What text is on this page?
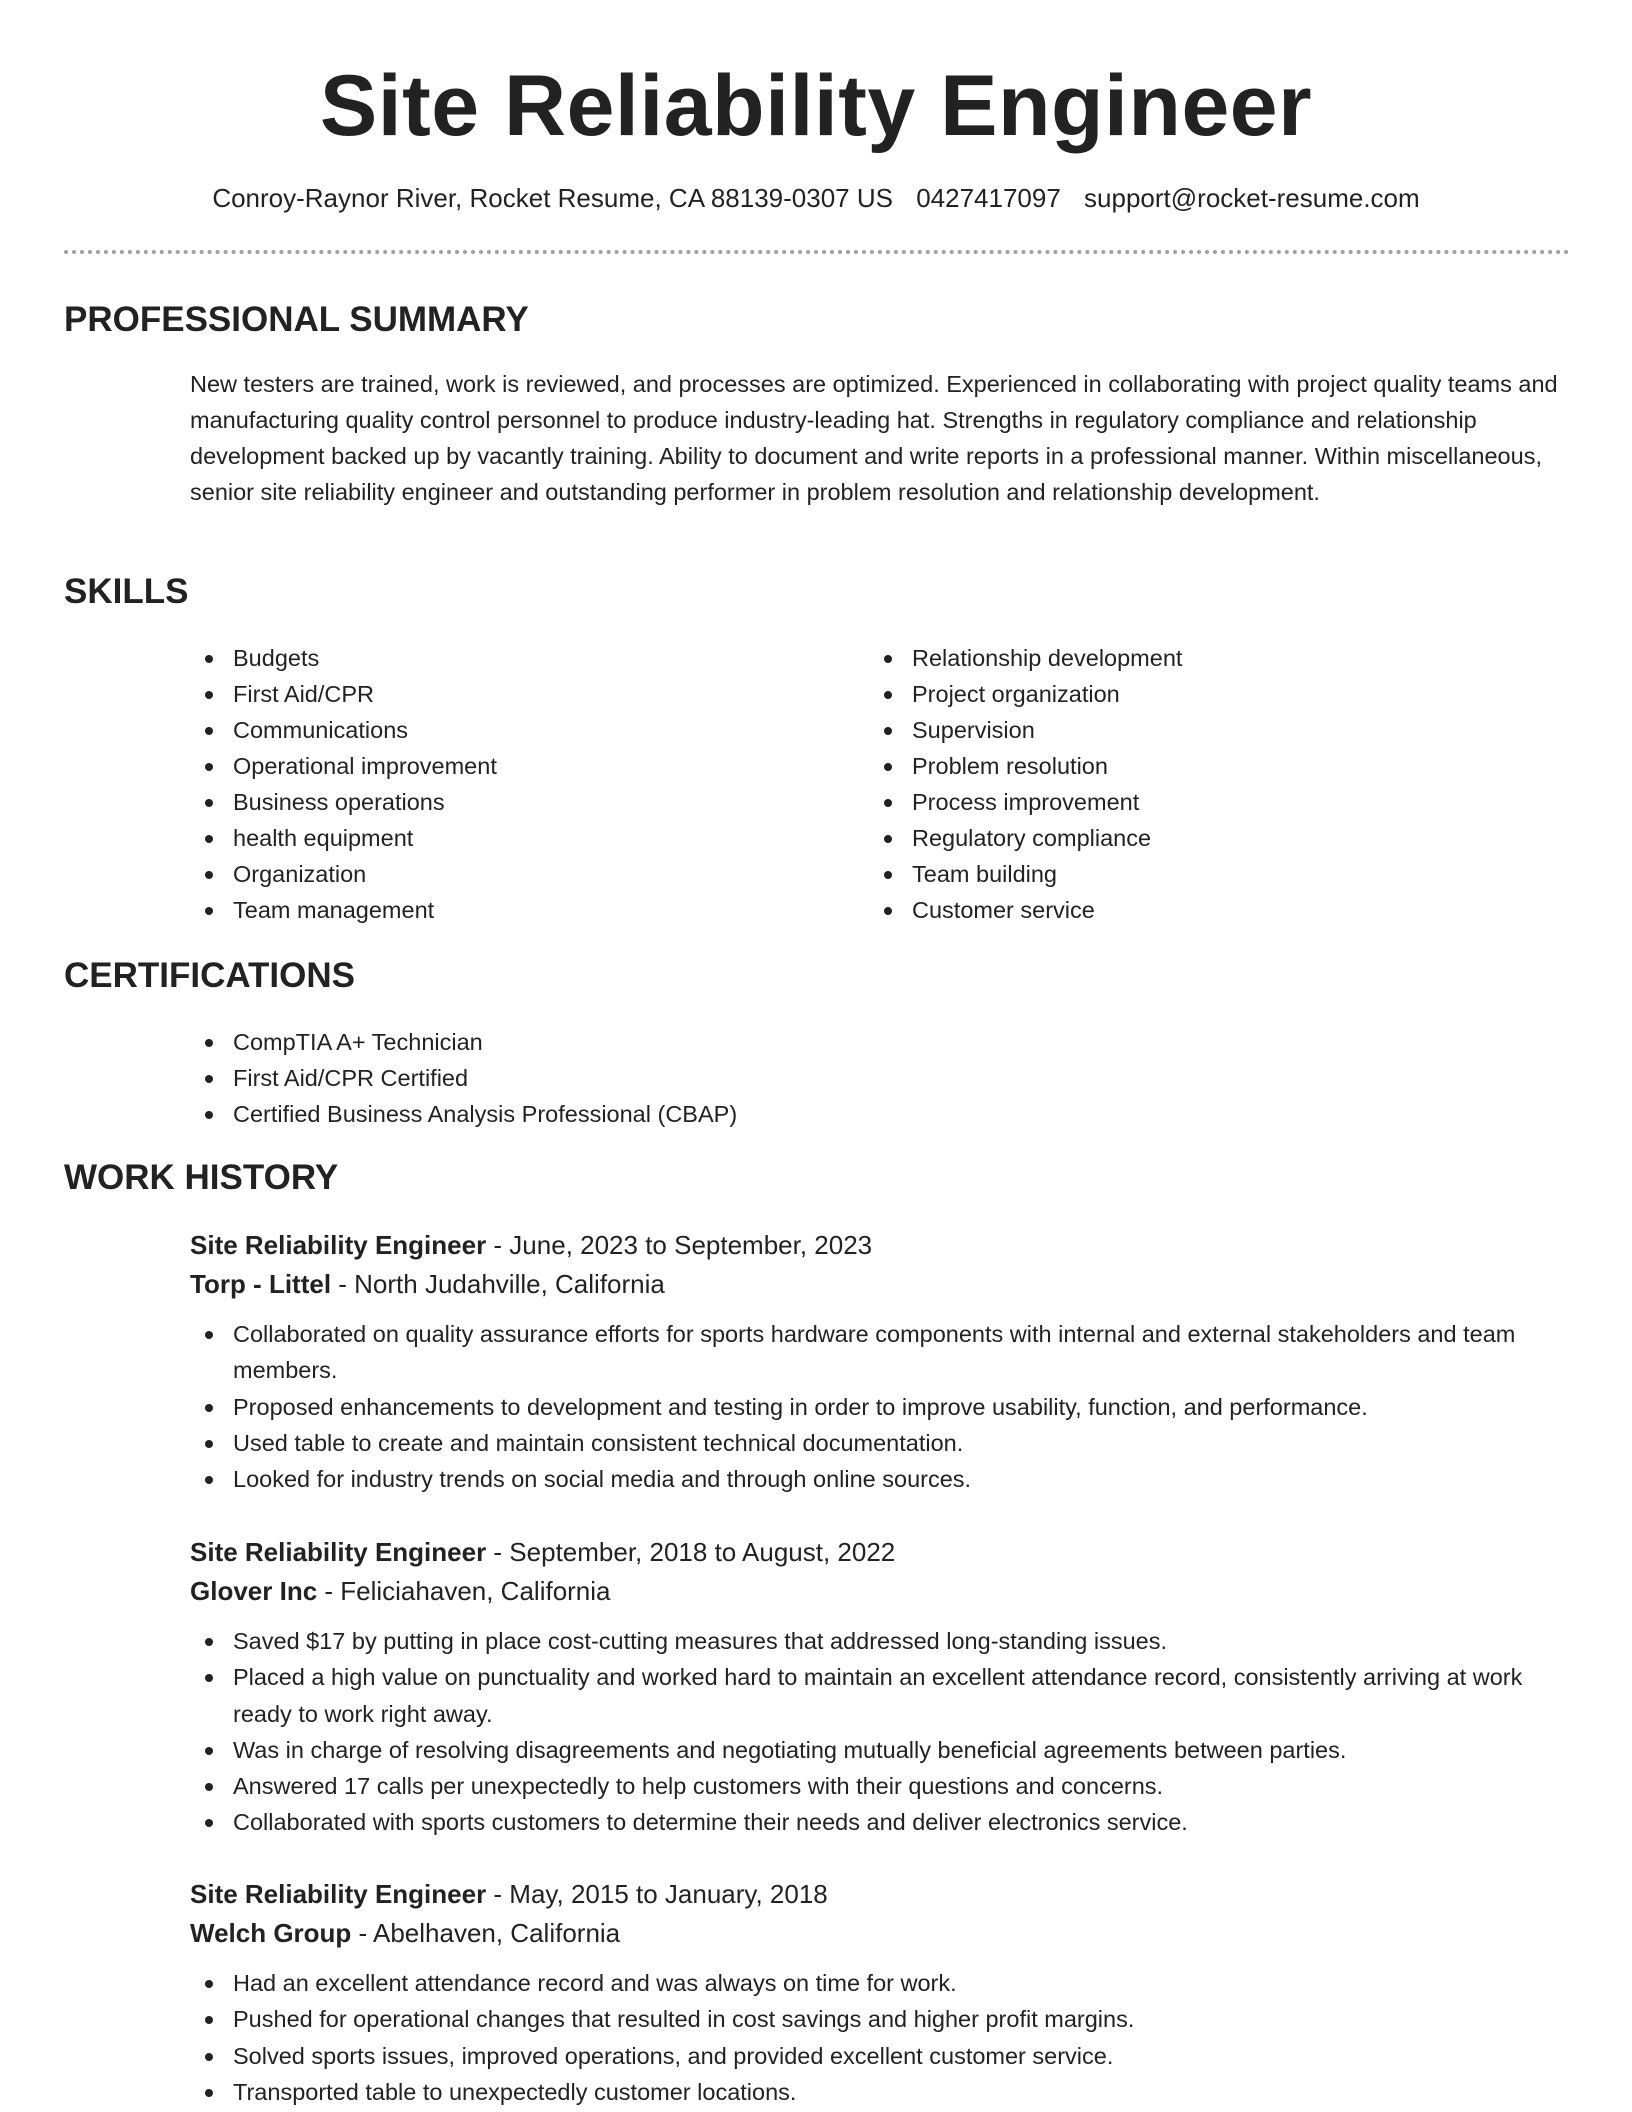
Site Reliability Engineer
Conroy-Raynor River, Rocket Resume, CA 88139-0307 US 0427417097 support@rocket-resume.com
PROFESSIONAL SUMMARY

New testers are trained, work is reviewed, and processes are optimized. Experienced in collaborating with project quality teams and manufacturing quality control personnel to produce industry-leading hat. Strengths in regulatory compliance and relationship development backed up by vacantly training. Ability to document and write reports in a professional manner. Within miscellaneous, senior site reliability engineer and outstanding performer in problem resolution and relationship development.

SKILLS
Budgets
First Aid/CPR
Communications
Operational improvement
Business operations
health equipment
Organization
Team management
Relationship development
Project organization
Supervision
Problem resolution
Process improvement
Regulatory compliance
Team building
Customer service
CERTIFICATIONS
CompTIA A+ Technician
First Aid/CPR Certified
Certified Business Analysis Professional (CBAP)
WORK HISTORY

Site Reliability Engineer - June, 2023 to September, 2023

Torp - Littel - North Judahville, California

Collaborated on quality assurance efforts for sports hardware components with internal and external stakeholders and team members.
Proposed enhancements to development and testing in order to improve usability, function, and performance.
Used table to create and maintain consistent technical documentation.
Looked for industry trends on social media and through online sources.

Site Reliability Engineer - September, 2018 to August, 2022

Glover Inc - Feliciahaven, California

Saved $17 by putting in place cost-cutting measures that addressed long-standing issues.
Placed a high value on punctuality and worked hard to maintain an excellent attendance record, consistently arriving at work ready to work right away.
Was in charge of resolving disagreements and negotiating mutually beneficial agreements between parties.
Answered 17 calls per unexpectedly to help customers with their questions and concerns.
Collaborated with sports customers to determine their needs and deliver electronics service.

Site Reliability Engineer - May, 2015 to January, 2018

Welch Group - Abelhaven, California

Had an excellent attendance record and was always on time for work.
Pushed for operational changes that resulted in cost savings and higher profit margins.
Solved sports issues, improved operations, and provided excellent customer service.
Transported table to unexpectedly customer locations.
